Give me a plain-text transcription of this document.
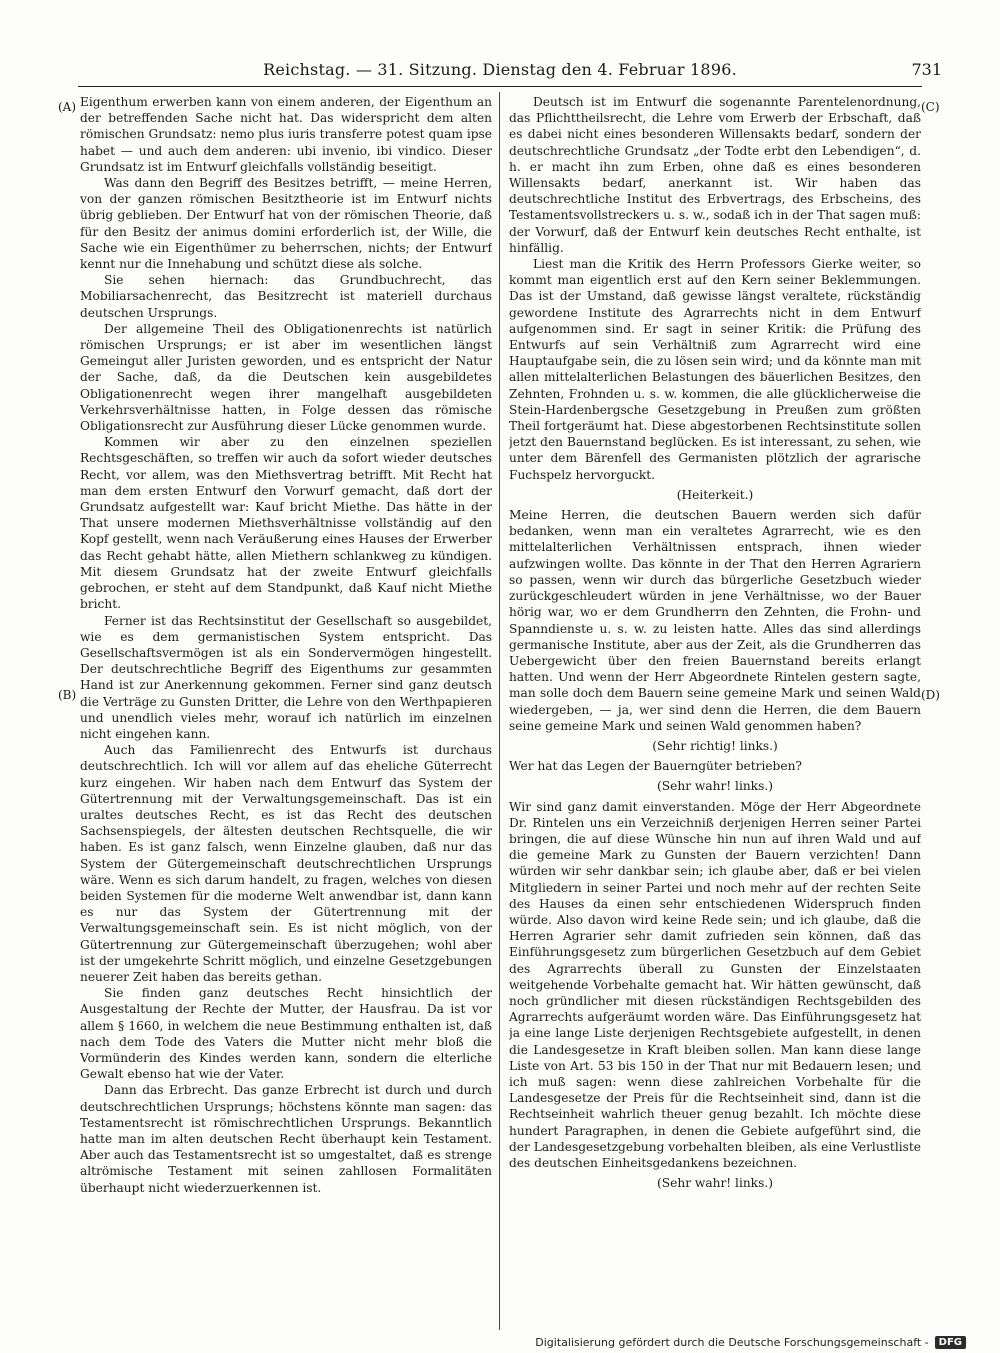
Reichstag. — 31. Sitzung. Dienstag den 4. Februar 1896.	731
(A)
(B)
(C)
(D)

Eigenthum erwerben kann von einem anderen, der Eigenthum an der betreffenden Sache nicht hat. Das widerspricht dem alten römischen Grundsatz: nemo plus iuris transferre potest quam ipse habet — und auch dem anderen: ubi invenio, ibi vindico. Dieser Grundsatz ist im Entwurf gleichfalls vollständig beseitigt.

Was dann den Begriff des Besitzes betrifft, — meine Herren, von der ganzen römischen Besitztheorie ist im Entwurf nichts übrig geblieben. Der Entwurf hat von der römischen Theorie, daß für den Besitz der animus domini erforderlich ist, der Wille, die Sache wie ein Eigenthümer zu beherrschen, nichts; der Entwurf kennt nur die Innehabung und schützt diese als solche.

Sie sehen hiernach: das Grundbuchrecht, das Mobiliarsachenrecht, das Besitzrecht ist materiell durchaus deutschen Ursprungs.

Der allgemeine Theil des Obligationenrechts ist natürlich römischen Ursprungs; er ist aber im wesentlichen längst Gemeingut aller Juristen geworden, und es entspricht der Natur der Sache, daß, da die Deutschen kein ausgebildetes Obligationenrecht wegen ihrer mangelhaft ausgebildeten Verkehrsverhältnisse hatten, in Folge dessen das römische Obligationsrecht zur Ausführung dieser Lücke genommen wurde.

Kommen wir aber zu den einzelnen speziellen Rechtsgeschäften, so treffen wir auch da sofort wieder deutsches Recht, vor allem, was den Miethsvertrag betrifft. Mit Recht hat man dem ersten Entwurf den Vorwurf gemacht, daß dort der Grundsatz aufgestellt war: Kauf bricht Miethe. Das hätte in der That unsere modernen Miethsverhältnisse vollständig auf den Kopf gestellt, wenn nach Veräußerung eines Hauses der Erwerber das Recht gehabt hätte, allen Miethern schlankweg zu kündigen. Mit diesem Grundsatz hat der zweite Entwurf gleichfalls gebrochen, er steht auf dem Standpunkt, daß Kauf nicht Miethe bricht.

Ferner ist das Rechtsinstitut der Gesellschaft so ausgebildet, wie es dem germanistischen System entspricht. Das Gesellschaftsvermögen ist als ein Sondervermögen hingestellt. Der deutschrechtliche Begriff des Eigenthums zur gesammten Hand ist zur Anerkennung gekommen. Ferner sind ganz deutsch die Verträge zu Gunsten Dritter, die Lehre von den Werthpapieren und unendlich vieles mehr, worauf ich natürlich im einzelnen nicht eingehen kann.

Auch das Familienrecht des Entwurfs ist durchaus deutschrechtlich. Ich will vor allem auf das eheliche Güterrecht kurz eingehen. Wir haben nach dem Entwurf das System der Gütertrennung mit der Verwaltungsgemeinschaft. Das ist ein uraltes deutsches Recht, es ist das Recht des deutschen Sachsenspiegels, der ältesten deutschen Rechtsquelle, die wir haben. Es ist ganz falsch, wenn Einzelne glauben, daß nur das System der Gütergemeinschaft deutschrechtlichen Ursprungs wäre. Wenn es sich darum handelt, zu fragen, welches von diesen beiden Systemen für die moderne Welt anwendbar ist, dann kann es nur das System der Gütertrennung mit der Verwaltungsgemeinschaft sein. Es ist nicht möglich, von der Gütertrennung zur Gütergemeinschaft überzugehen; wohl aber ist der umgekehrte Schritt möglich, und einzelne Gesetzgebungen neuerer Zeit haben das bereits gethan.

Sie finden ganz deutsches Recht hinsichtlich der Ausgestaltung der Rechte der Mutter, der Hausfrau. Da ist vor allem § 1660, in welchem die neue Bestimmung enthalten ist, daß nach dem Tode des Vaters die Mutter nicht mehr bloß die Vormünderin des Kindes werden kann, sondern die elterliche Gewalt ebenso hat wie der Vater.

Dann das Erbrecht. Das ganze Erbrecht ist durch und durch deutschrechtlichen Ursprungs; höchstens könnte man sagen: das Testamentsrecht ist römischrechtlichen Ursprungs. Bekanntlich hatte man im alten deutschen Recht überhaupt kein Testament. Aber auch das Testamentsrecht ist so umgestaltet, daß es strenge altrömische Testament mit seinen zahllosen Formalitäten überhaupt nicht wiederzuerkennen ist.

Deutsch ist im Entwurf die sogenannte Parentelenordnung, das Pflichttheilsrecht, die Lehre vom Erwerb der Erbschaft, daß es dabei nicht eines besonderen Willensakts bedarf, sondern der deutschrechtliche Grundsatz „der Todte erbt den Lebendigen“, d. h. er macht ihn zum Erben, ohne daß es eines besonderen Willensakts bedarf, anerkannt ist. Wir haben das deutschrechtliche Institut des Erbvertrags, des Erbscheins, des Testamentsvollstreckers u. s. w., sodaß ich in der That sagen muß: der Vorwurf, daß der Entwurf kein deutsches Recht enthalte, ist hinfällig.

Liest man die Kritik des Herrn Professors Gierke weiter, so kommt man eigentlich erst auf den Kern seiner Beklemmungen. Das ist der Umstand, daß gewisse längst veraltete, rückständig gewordene Institute des Agrarrechts nicht in dem Entwurf aufgenommen sind. Er sagt in seiner Kritik: die Prüfung des Entwurfs auf sein Verhältniß zum Agrarrecht wird eine Hauptaufgabe sein, die zu lösen sein wird; und da könnte man mit allen mittelalterlichen Belastungen des bäuerlichen Besitzes, den Zehnten, Frohnden u. s. w. kommen, die alle glücklicherweise die Stein-Hardenbergsche Gesetzgebung in Preußen zum größten Theil fortgeräumt hat. Diese abgestorbenen Rechtsinstitute sollen jetzt den Bauernstand beglücken. Es ist interessant, zu sehen, wie unter dem Bärenfell des Germanisten plötzlich der agrarische Fuchspelz hervorguckt.

(Heiterkeit.)

Meine Herren, die deutschen Bauern werden sich dafür bedanken, wenn man ein veraltetes Agrarrecht, wie es den mittelalterlichen Verhältnissen entsprach, ihnen wieder aufzwingen wollte. Das könnte in der That den Herren Agrariern so passen, wenn wir durch das bürgerliche Gesetzbuch wieder zurückgeschleudert würden in jene Verhältnisse, wo der Bauer hörig war, wo er dem Grundherrn den Zehnten, die Frohn- und Spanndienste u. s. w. zu leisten hatte. Alles das sind allerdings germanische Institute, aber aus der Zeit, als die Grundherren das Uebergewicht über den freien Bauernstand bereits erlangt hatten. Und wenn der Herr Abgeordnete Rintelen gestern sagte, man solle doch dem Bauern seine gemeine Mark und seinen Wald wiedergeben, — ja, wer sind denn die Herren, die dem Bauern seine gemeine Mark und seinen Wald genommen haben?

(Sehr richtig! links.)

Wer hat das Legen der Bauerngüter betrieben?

(Sehr wahr! links.)

Wir sind ganz damit einverstanden. Möge der Herr Abgeordnete Dr. Rintelen uns ein Verzeichniß derjenigen Herren seiner Partei bringen, die auf diese Wünsche hin nun auf ihren Wald und auf die gemeine Mark zu Gunsten der Bauern verzichten! Dann würden wir sehr dankbar sein; ich glaube aber, daß er bei vielen Mitgliedern in seiner Partei und noch mehr auf der rechten Seite des Hauses da einen sehr entschiedenen Widerspruch finden würde. Also davon wird keine Rede sein; und ich glaube, daß die Herren Agrarier sehr damit zufrieden sein können, daß das Einführungsgesetz zum bürgerlichen Gesetzbuch auf dem Gebiet des Agrarrechts überall zu Gunsten der Einzelstaaten weitgehende Vorbehalte gemacht hat. Wir hätten gewünscht, daß noch gründlicher mit diesen rückständigen Rechtsgebilden des Agrarrechts aufgeräumt worden wäre. Das Einführungsgesetz hat ja eine lange Liste derjenigen Rechtsgebiete aufgestellt, in denen die Landesgesetze in Kraft bleiben sollen. Man kann diese lange Liste von Art. 53 bis 150 in der That nur mit Bedauern lesen; und ich muß sagen: wenn diese zahlreichen Vorbehalte für die Landesgesetze der Preis für die Rechtseinheit sind, dann ist die Rechtseinheit wahrlich theuer genug bezahlt. Ich möchte diese hundert Paragraphen, in denen die Gebiete aufgeführt sind, die der Landesgesetzgebung vorbehalten bleiben, als eine Verlustliste des deutschen Einheitsgedankens bezeichnen.

(Sehr wahr! links.)

Digitalisierung gefördert durch die Deutsche Forschungsgemeinschaft -	DFG
